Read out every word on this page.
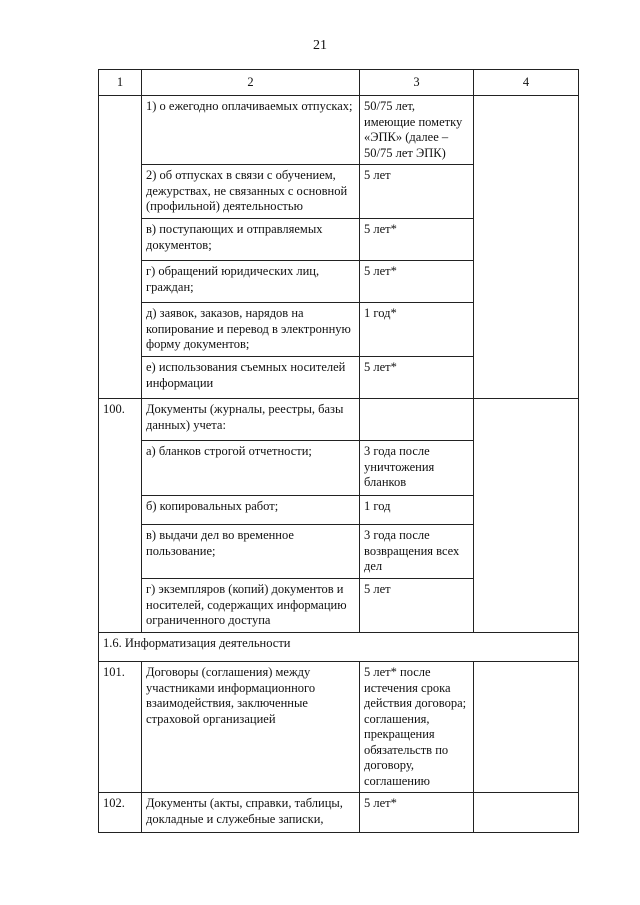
21
1	2	3	4
	1) о ежегодно оплачиваемых отпусках;	50/75 лет, имеющие пометку «ЭПК» (далее – 50/75 лет ЭПК)	
	2) об отпусках в связи с обучением, дежурствах, не связанных с основной (профильной) деятельностью	5 лет	
	в) поступающих и отправляемых документов;	5 лет*	
	г) обращений юридических лиц, граждан;	5 лет*	
	д) заявок, заказов, нарядов на копирование и перевод в электронную форму документов;	1 год*	
	е) использования съемных носителей информации	5 лет*	
100.	Документы (журналы, реестры, базы данных) учета:		
	а) бланков строгой отчетности;	3 года после уничтожения бланков	
	б) копировальных работ;	1 год	
	в) выдачи дел во временное пользование;	3 года после возвращения всех дел	
	г) экземпляров (копий) документов и носителей, содержащих информацию ограниченного доступа	5 лет	
1.6. Информатизация деятельности			
101.	Договоры (соглашения) между участниками информационного взаимодействия, заключенные страховой организацией	5 лет* после истечения срока действия договора; соглашения, прекращения обязательств по договору, соглашению	
102.	Документы (акты, справки, таблицы, докладные и служебные записки,	5 лет*	
